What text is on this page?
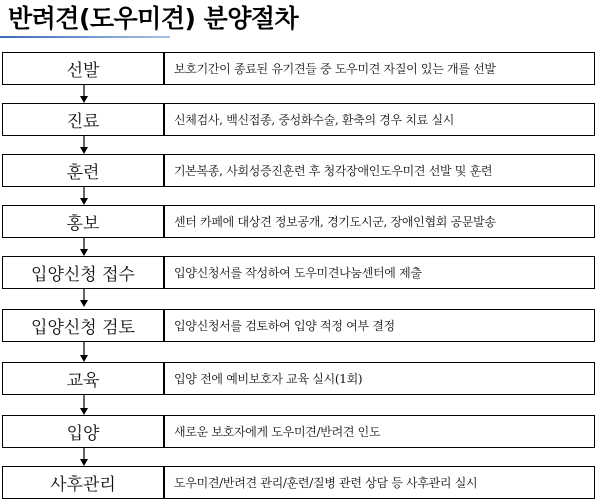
반려견(도우미견) 분양절차
선발	보호기간이 종료된 유기견들 중 도우미견 자질이 있는 개를 선발
진료	신체검사, 백신접종, 중성화수술, 환축의 경우 치료 실시
훈련	기본복종, 사회성증진훈련 후 청각장애인도우미견 선발 및 훈련
홍보	센터 카페에 대상견 정보공개, 경기도시군, 장애인협회 공문발송
입양신청 접수	입양신청서를 작성하여 도우미견나눔센터에 제출
입양신청 검토	입양신청서를 검토하여 입양 적정 여부 결정
교육	입양 전에 예비보호자 교육 실시(1회)
입양	새로운 보호자에게 도우미견/반려견 인도
사후관리	도우미견/반려견 관리/훈련/질병 관련 상담 등 사후관리 실시
